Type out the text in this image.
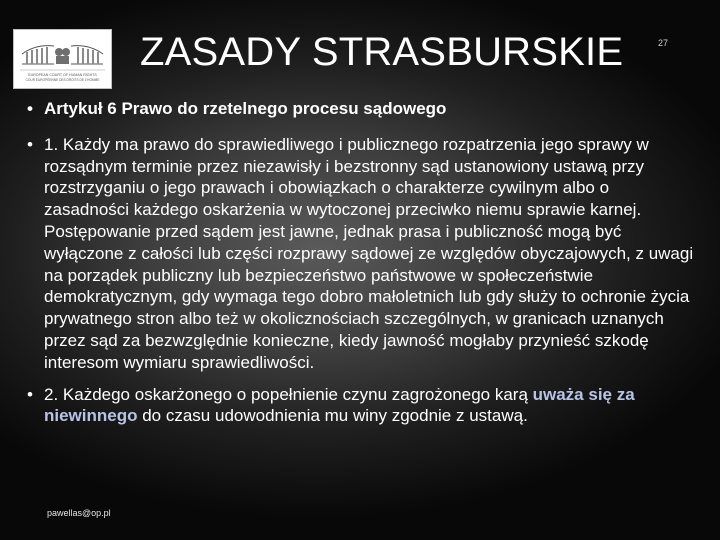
EUROPEAN COURT OF HUMAN RIGHTS
COUR EUROPÉENNE DES DROITS DE L'HOMME
ZASADY STRASBURSKIE	27
• Artykuł 6 Prawo do rzetelnego procesu sądowego
• 1. Każdy ma prawo do sprawiedliwego i publicznego rozpatrzenia jego sprawy w rozsądnym terminie przez niezawisły i bezstronny sąd ustanowiony ustawą przy rozstrzyganiu o jego prawach i obowiązkach o charakterze cywilnym albo o zasadności każdego oskarżenia w wytoczonej przeciwko niemu sprawie karnej. Postępowanie przed sądem jest jawne, jednak prasa i publiczność mogą być wyłączone z całości lub części rozprawy sądowej ze względów obyczajowych, z uwagi na porządek publiczny lub bezpieczeństwo państwowe w społeczeństwie demokratycznym, gdy wymaga tego dobro małoletnich lub gdy służy to ochronie życia prywatnego stron albo też w okolicznościach szczególnych, w granicach uznanych przez sąd za bezwzględnie konieczne, kiedy jawność mogłaby przynieść szkodę interesom wymiaru sprawiedliwości.
• 2. Każdego oskarżonego o popełnienie czynu zagrożonego karą uważa się za niewinnego do czasu udowodnienia mu winy zgodnie z ustawą.
pawellas@op.pl
